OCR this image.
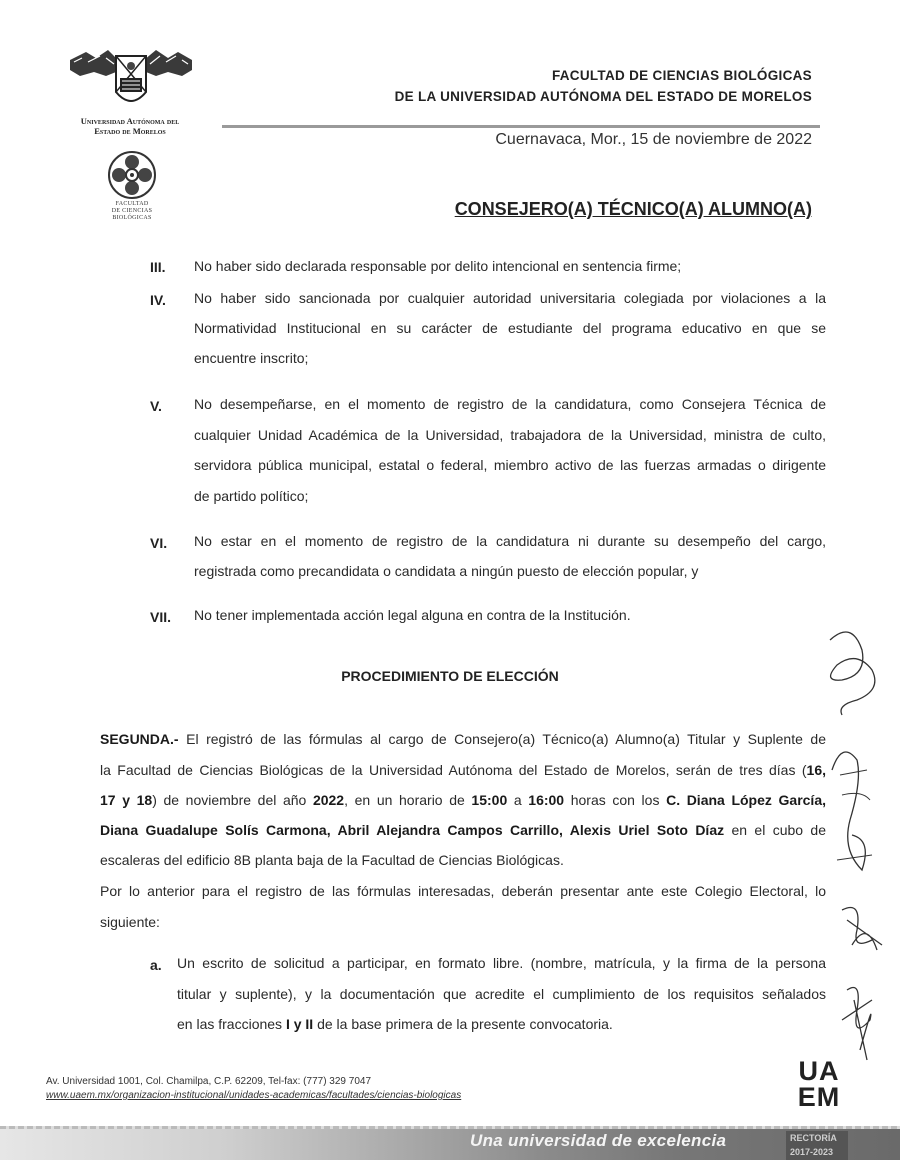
Universidad Autónoma del
Estado de Morelos
FACULTAD
DE CIENCIAS
BIOLÓGICAS
FACULTAD DE CIENCIAS BIOLÓGICAS
DE LA UNIVERSIDAD AUTÓNOMA DEL ESTADO DE MORELOS
Cuernavaca, Mor., 15 de noviembre de 2022
CONSEJERO(A) TÉCNICO(A) ALUMNO(A)
III. No haber sido declarada responsable por delito intencional en sentencia firme;
IV. No haber sido sancionada por cualquier autoridad universitaria colegiada por violaciones a la
Normatividad Institucional en su carácter de estudiante del programa educativo en que se
encuentre inscrito;
V. No desempeñarse, en el momento de registro de la candidatura, como Consejera Técnica de
cualquier Unidad Académica de la Universidad, trabajadora de la Universidad, ministra de culto,
servidora pública municipal, estatal o federal, miembro activo de las fuerzas armadas o dirigente
de partido político;
VI. No estar en el momento de registro de la candidatura ni durante su desempeño del cargo,
registrada como precandidata o candidata a ningún puesto de elección popular, y
VII. No tener implementada acción legal alguna en contra de la Institución.
PROCEDIMIENTO DE ELECCIÓN
SEGUNDA.- El registró de las fórmulas al cargo de Consejero(a) Técnico(a) Alumno(a) Titular y Suplente de
la Facultad de Ciencias Biológicas de la Universidad Autónoma del Estado de Morelos, serán de tres días (16,
17 y 18) de noviembre del año 2022, en un horario de 15:00 a 16:00 horas con los C. Diana López García,
Diana Guadalupe Solís Carmona, Abril Alejandra Campos Carrillo, Alexis Uriel Soto Díaz en el cubo de
escaleras del edificio 8B planta baja de la Facultad de Ciencias Biológicas.
Por lo anterior para el registro de las fórmulas interesadas, deberán presentar ante este Colegio Electoral, lo
siguiente:
a. Un escrito de solicitud a participar, en formato libre. (nombre, matrícula, y la firma de la persona
titular y suplente), y la documentación que acredite el cumplimiento de los requisitos señalados
en las fracciones I y II de la base primera de la presente convocatoria.
Av. Universidad 1001, Col. Chamilpa, C.P. 62209, Tel-fax: (777) 329 7047
www.uaem.mx/organizacion-institucional/unidades-academicas/facultades/ciencias-biologicas
UA
EM
Una universidad de excelencia	RECTORÍA
2017-2023
